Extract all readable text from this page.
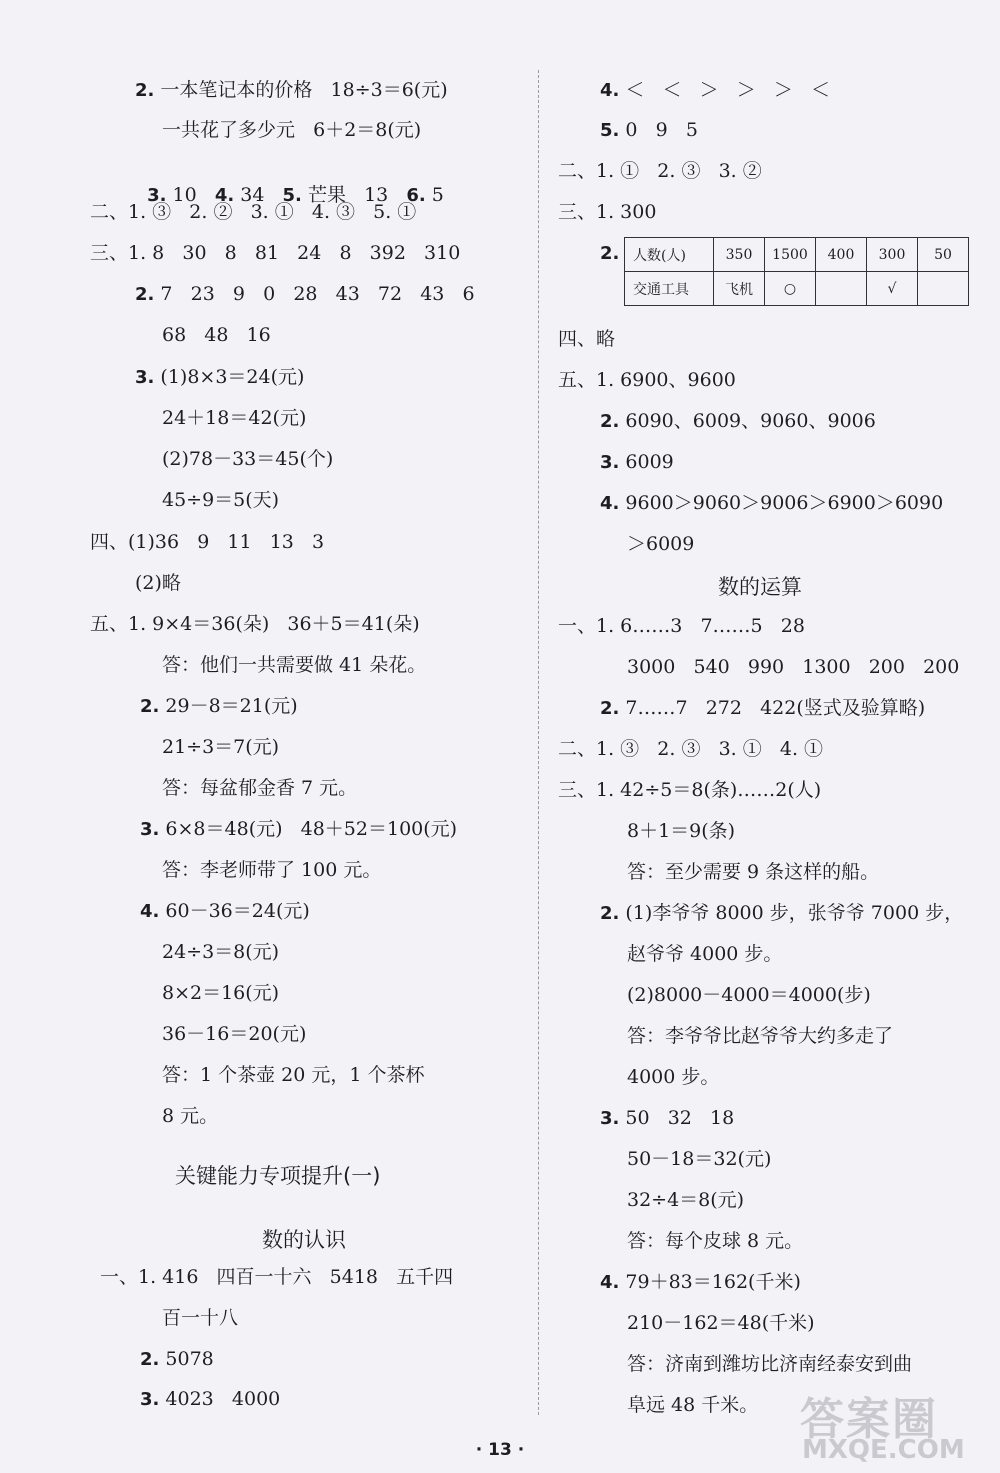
2. 一本笔记本的价格   18÷3＝6(元)
一共花了多少元   6＋2＝8(元)
二、1. ③   2. ②   3. ①   4. ③   5. ①
三、1. 8   30   8   81   24   8   392   310
2. 7   23   9   0   28   43   72   43   6
68   48   16
3. (1)8×3＝24(元)
24＋18＝42(元)
(2)78－33＝45(个)
45÷9＝5(天)
四、(1)36   9   11   13   3
(2)略
五、1. 9×4＝36(朵)   36＋5＝41(朵)
答：他们一共需要做 41 朵花。
2. 29－8＝21(元)
21÷3＝7(元)
答：每盆郁金香 7 元。
3. 6×8＝48(元)   48＋52＝100(元)
答：李老师带了 100 元。
4. 60－36＝24(元)
24÷3＝8(元)
8×2＝16(元)
36－16＝20(元)
答：1 个茶壶 20 元，1 个茶杯
8 元。
一、1. 416   四百一十六   5418   五千四
百一十八
2. 5078
3. 4023   4000
4. ＜   ＜   ＞   ＞   ＞   ＜
5. 0   9   5
二、1. ①   2. ③   3. ②
三、1. 300
2.
四、略
五、1. 6900、9600
2. 6090、6009、9060、9006
3. 6009
4. 9600＞9060＞9006＞6900＞6090
＞6009
一、1. 6……3   7……5   28
3000   540   990   1300   200   200
2. 7……7   272   422(竖式及验算略)
二、1. ③   2. ③   3. ①   4. ①
三、1. 42÷5＝8(条)……2(人)
8＋1＝9(条)
答：至少需要 9 条这样的船。
2. (1)李爷爷 8000 步，张爷爷 7000 步，
赵爷爷 4000 步。
(2)8000－4000＝4000(步)
答：李爷爷比赵爷爷大约多走了
4000 步。
3. 50   32   18
50－18＝32(元)
32÷4＝8(元)
答：每个皮球 8 元。
4. 79＋83＝162(千米)
210－162＝48(千米)
答：济南到潍坊比济南经泰安到曲
阜远 48 千米。

3. 10   4. 34   5. 芒果   13   6. 5

关键能力专项提升(一)
数的认识
数的运算
人数(人)	350	1500	400	300	50
交通工具	飞机	○		√	
· 13 ·
答案圈
MXQE.COM
